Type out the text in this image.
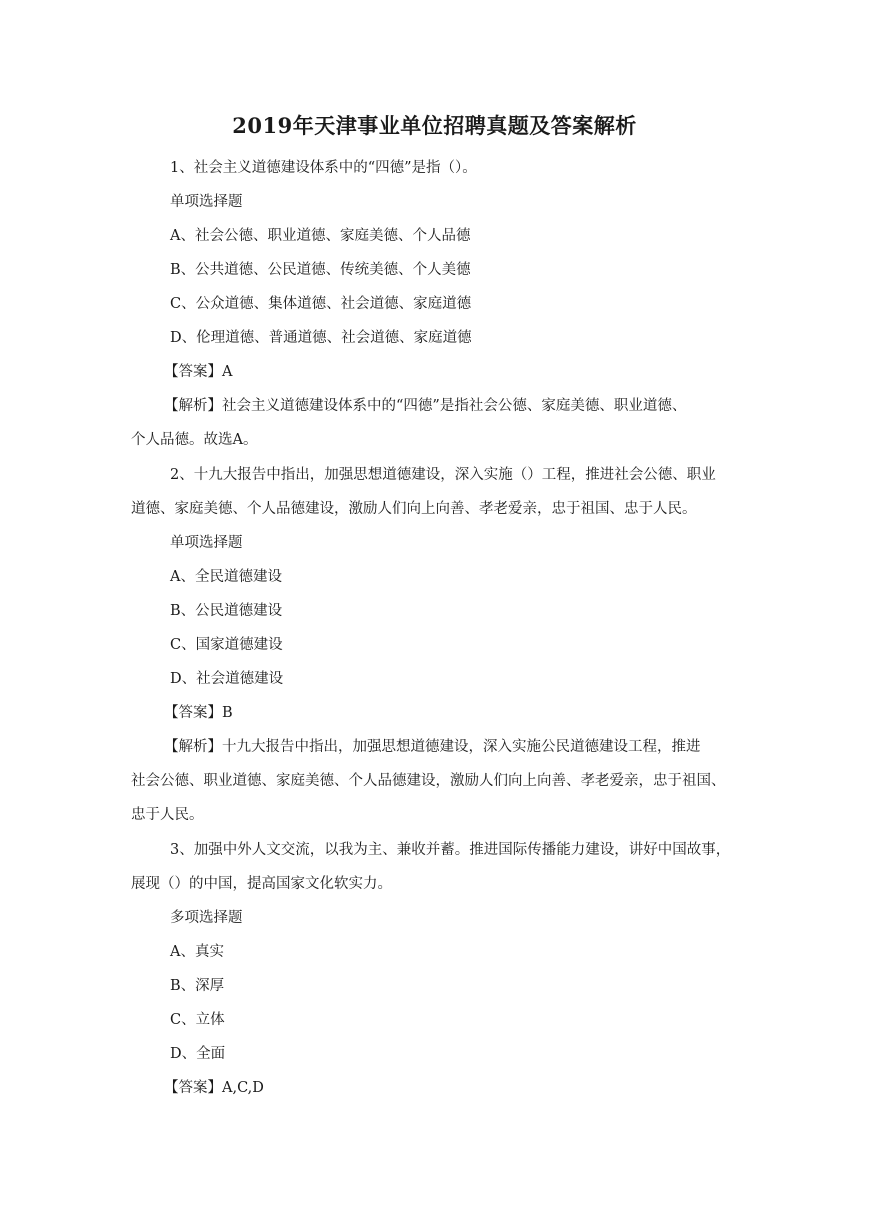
2019年天津事业单位招聘真题及答案解析
1、社会主义道德建设体系中的“四德”是指（）。
单项选择题
A、社会公德、职业道德、家庭美德、个人品德
B、公共道德、公民道德、传统美德、个人美德
C、公众道德、集体道德、社会道德、家庭道德
D、伦理道德、普通道德、社会道德、家庭道德
【答案】A
【解析】社会主义道德建设体系中的“四德”是指社会公德、家庭美德、职业道德、
个人品德。故选A。
2、十九大报告中指出，加强思想道德建设，深入实施（）工程，推进社会公德、职业
道德、家庭美德、个人品德建设，激励人们向上向善、孝老爱亲，忠于祖国、忠于人民。
单项选择题
A、全民道德建设
B、公民道德建设
C、国家道德建设
D、社会道德建设
【答案】B
【解析】十九大报告中指出，加强思想道德建设，深入实施公民道德建设工程，推进
社会公德、职业道德、家庭美德、个人品德建设，激励人们向上向善、孝老爱亲，忠于祖国、
忠于人民。
3、加强中外人文交流，以我为主、兼收并蓄。推进国际传播能力建设，讲好中国故事，
展现（）的中国，提高国家文化软实力。
多项选择题
A、真实
B、深厚
C、立体
D、全面
【答案】A,C,D
